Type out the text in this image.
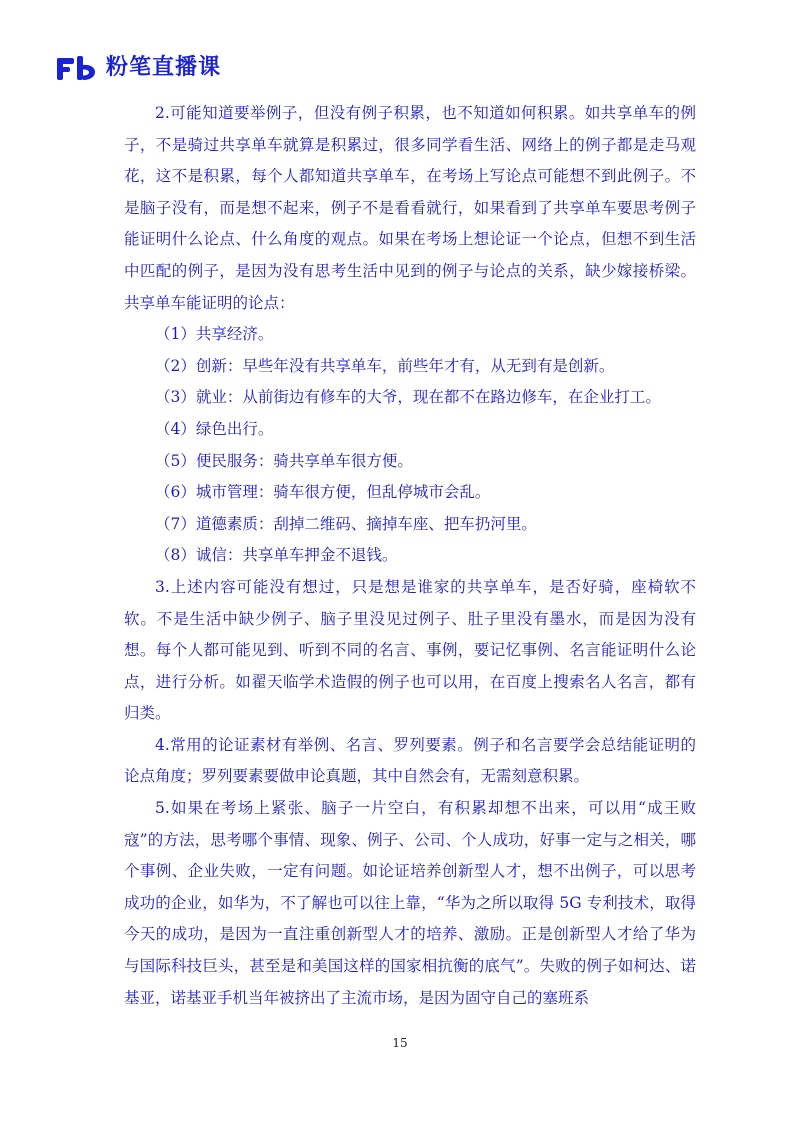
粉笔直播课

2.可能知道要举例子，但没有例子积累，也不知道如何积累。如共享单车的例子，不是骑过共享单车就算是积累过，很多同学看生活、网络上的例子都是走马观花，这不是积累，每个人都知道共享单车，在考场上写论点可能想不到此例子。不是脑子没有，而是想不起来，例子不是看看就行，如果看到了共享单车要思考例子能证明什么论点、什么角度的观点。如果在考场上想论证一个论点，但想不到生活中匹配的例子，是因为没有思考生活中见到的例子与论点的关系，缺少嫁接桥梁。共享单车能证明的论点：

（1）共享经济。

（2）创新：早些年没有共享单车，前些年才有，从无到有是创新。

（3）就业：从前街边有修车的大爷，现在都不在路边修车，在企业打工。

（4）绿色出行。

（5）便民服务：骑共享单车很方便。

（6）城市管理：骑车很方便，但乱停城市会乱。

（7）道德素质：刮掉二维码、摘掉车座、把车扔河里。

（8）诚信：共享单车押金不退钱。

3.上述内容可能没有想过，只是想是谁家的共享单车，是否好骑，座椅软不软。不是生活中缺少例子、脑子里没见过例子、肚子里没有墨水，而是因为没有想。每个人都可能见到、听到不同的名言、事例，要记忆事例、名言能证明什么论点，进行分析。如翟天临学术造假的例子也可以用，在百度上搜索名人名言，都有归类。

4.常用的论证素材有举例、名言、罗列要素。例子和名言要学会总结能证明的论点角度；罗列要素要做申论真题，其中自然会有，无需刻意积累。

5.如果在考场上紧张、脑子一片空白，有积累却想不出来，可以用“成王败寇”的方法，思考哪个事情、现象、例子、公司、个人成功，好事一定与之相关，哪个事例、企业失败，一定有问题。如论证培养创新型人才，想不出例子，可以思考成功的企业，如华为，不了解也可以往上靠，“华为之所以取得 5G 专利技术，取得今天的成功，是因为一直注重创新型人才的培养、激励。正是创新型人才给了华为与国际科技巨头，甚至是和美国这样的国家相抗衡的底气”。失败的例子如柯达、诺基亚，诺基亚手机当年被挤出了主流市场，是因为固守自己的塞班系

15
